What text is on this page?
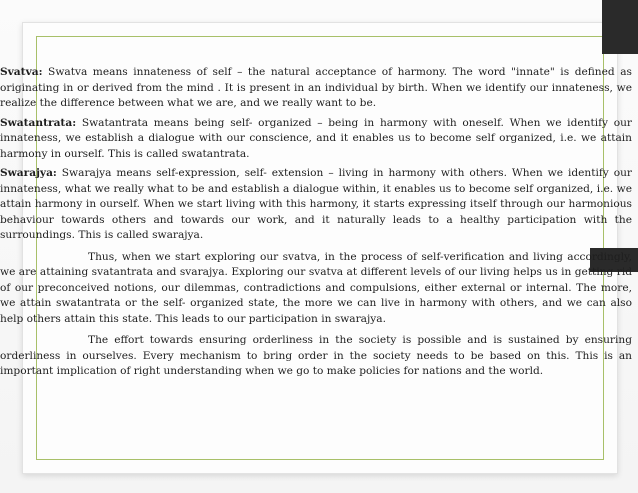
Svatva: Swatva means innateness of self – the natural acceptance of harmony. The word "innate" is defined as originating in or derived from the mind . It is present in an individual by birth. When we identify our innateness, we realize the difference between what we are, and we really want to be.

Swatantrata: Swatantrata means being self- organized – being in harmony with oneself. When we identify our innateness, we establish a dialogue with our conscience, and it enables us to become self organized, i.e. we attain harmony in ourself. This is called swatantrata.

Swarajya: Swarajya means self-expression, self- extension – living in harmony with others. When we identify our innateness, what we really what to be and establish a dialogue within, it enables us to become self organized, i.e. we attain harmony in ourself. When we start living with this harmony, it starts expressing itself through our harmonious behaviour towards others and towards our work, and it naturally leads to a healthy participation with the surroundings. This is called swarajya.

Thus, when we start exploring our svatva, in the process of self-verification and living accordingly, we are attaining svatantrata and svarajya. Exploring our svatva at different levels of our living helps us in getting rid of our preconceived notions, our dilemmas, contradictions and compulsions, either external or internal. The more, we attain swatantrata or the self- organized state, the more we can live in harmony with others, and we can also help others attain this state. This leads to our participation in swarajya.

The effort towards ensuring orderliness in the society is possible and is sustained by ensuring orderliness in ourselves. Every mechanism to bring order in the society needs to be based on this. This is an important implication of right understanding when we go to make policies for nations and the world.
